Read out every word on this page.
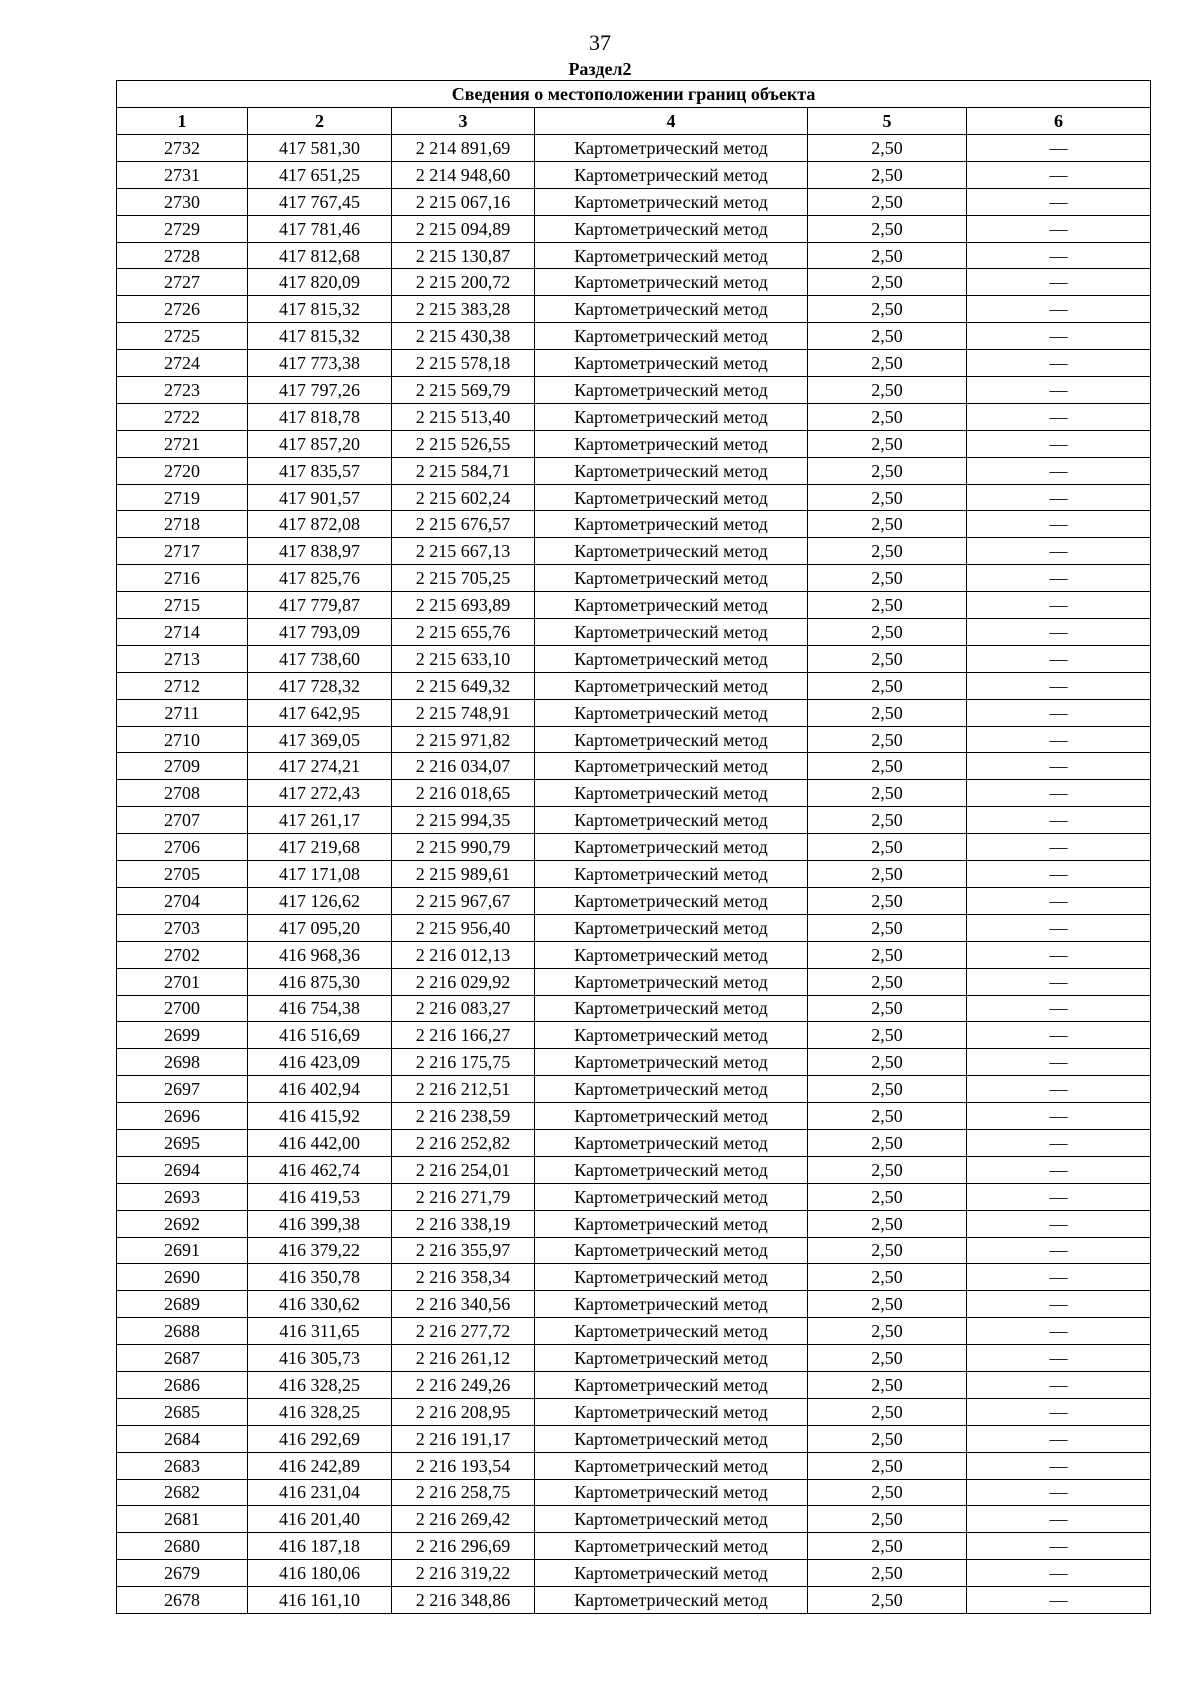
37
Раздел2
Сведения о местоположении границ объекта					
1	2	3	4	5	6
2732	417 581,30	2 214 891,69	Картометрический метод	2,50	—
2731	417 651,25	2 214 948,60	Картометрический метод	2,50	—
2730	417 767,45	2 215 067,16	Картометрический метод	2,50	—
2729	417 781,46	2 215 094,89	Картометрический метод	2,50	—
2728	417 812,68	2 215 130,87	Картометрический метод	2,50	—
2727	417 820,09	2 215 200,72	Картометрический метод	2,50	—
2726	417 815,32	2 215 383,28	Картометрический метод	2,50	—
2725	417 815,32	2 215 430,38	Картометрический метод	2,50	—
2724	417 773,38	2 215 578,18	Картометрический метод	2,50	—
2723	417 797,26	2 215 569,79	Картометрический метод	2,50	—
2722	417 818,78	2 215 513,40	Картометрический метод	2,50	—
2721	417 857,20	2 215 526,55	Картометрический метод	2,50	—
2720	417 835,57	2 215 584,71	Картометрический метод	2,50	—
2719	417 901,57	2 215 602,24	Картометрический метод	2,50	—
2718	417 872,08	2 215 676,57	Картометрический метод	2,50	—
2717	417 838,97	2 215 667,13	Картометрический метод	2,50	—
2716	417 825,76	2 215 705,25	Картометрический метод	2,50	—
2715	417 779,87	2 215 693,89	Картометрический метод	2,50	—
2714	417 793,09	2 215 655,76	Картометрический метод	2,50	—
2713	417 738,60	2 215 633,10	Картометрический метод	2,50	—
2712	417 728,32	2 215 649,32	Картометрический метод	2,50	—
2711	417 642,95	2 215 748,91	Картометрический метод	2,50	—
2710	417 369,05	2 215 971,82	Картометрический метод	2,50	—
2709	417 274,21	2 216 034,07	Картометрический метод	2,50	—
2708	417 272,43	2 216 018,65	Картометрический метод	2,50	—
2707	417 261,17	2 215 994,35	Картометрический метод	2,50	—
2706	417 219,68	2 215 990,79	Картометрический метод	2,50	—
2705	417 171,08	2 215 989,61	Картометрический метод	2,50	—
2704	417 126,62	2 215 967,67	Картометрический метод	2,50	—
2703	417 095,20	2 215 956,40	Картометрический метод	2,50	—
2702	416 968,36	2 216 012,13	Картометрический метод	2,50	—
2701	416 875,30	2 216 029,92	Картометрический метод	2,50	—
2700	416 754,38	2 216 083,27	Картометрический метод	2,50	—
2699	416 516,69	2 216 166,27	Картометрический метод	2,50	—
2698	416 423,09	2 216 175,75	Картометрический метод	2,50	—
2697	416 402,94	2 216 212,51	Картометрический метод	2,50	—
2696	416 415,92	2 216 238,59	Картометрический метод	2,50	—
2695	416 442,00	2 216 252,82	Картометрический метод	2,50	—
2694	416 462,74	2 216 254,01	Картометрический метод	2,50	—
2693	416 419,53	2 216 271,79	Картометрический метод	2,50	—
2692	416 399,38	2 216 338,19	Картометрический метод	2,50	—
2691	416 379,22	2 216 355,97	Картометрический метод	2,50	—
2690	416 350,78	2 216 358,34	Картометрический метод	2,50	—
2689	416 330,62	2 216 340,56	Картометрический метод	2,50	—
2688	416 311,65	2 216 277,72	Картометрический метод	2,50	—
2687	416 305,73	2 216 261,12	Картометрический метод	2,50	—
2686	416 328,25	2 216 249,26	Картометрический метод	2,50	—
2685	416 328,25	2 216 208,95	Картометрический метод	2,50	—
2684	416 292,69	2 216 191,17	Картометрический метод	2,50	—
2683	416 242,89	2 216 193,54	Картометрический метод	2,50	—
2682	416 231,04	2 216 258,75	Картометрический метод	2,50	—
2681	416 201,40	2 216 269,42	Картометрический метод	2,50	—
2680	416 187,18	2 216 296,69	Картометрический метод	2,50	—
2679	416 180,06	2 216 319,22	Картометрический метод	2,50	—
2678	416 161,10	2 216 348,86	Картометрический метод	2,50	—
